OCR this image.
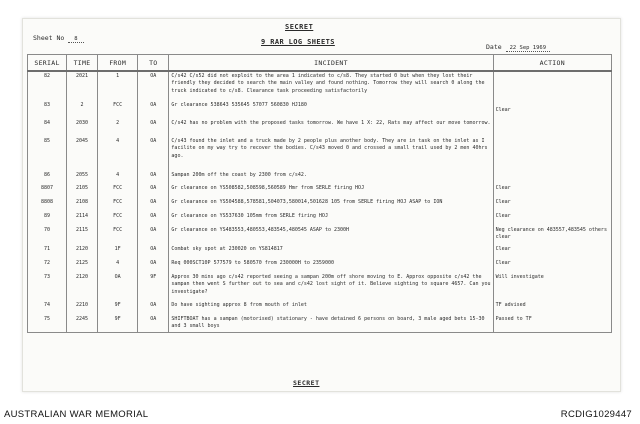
SECRET
Sheet No 8	9 RAR LOG SHEETS
Date 22 Sep 1969
SERIAL	TIME	FROM	TO	INCIDENT	ACTION
82	2021	1	OA	C/s42 C/s52 did not exploit to the area 1 indicated to c/s8. They started 0 but when they lost their friendly they decided to search the main valley and found nothing. Tomorrow they will search 0 along the truck indicated to c/s8. Clearance task proceeding satisfactorily	
83	2	FCC	OA	Gr clearance 538643 535645 57077 560830 HJ180	Clear
84	2030	2	OA	C/s42 has no problem with the proposed tasks tomorrow. We have 1 X: 22, Rats may affect our move tomorrow.	
85	2045	4	OA	C/s43 found the inlet and a truck made by 2 people plus another body. They are in task on the inlet as I facilite on my way try to recover the bodies. C/s43 moved 0 and crossed a small trail used by 2 men 40hrs ago.	
86	2055	4	OA	Sampan 200m off the coast by 2300 from c/s42.	
8807	2105	FCC	OA	Gr clearance on YS508582,508598,560589 Hmr from SERLE firing HOJ	Clear
8808	2108	FCC	OA	Gr clearance on YS504588,578581,504073,580014,501628 105 from SERLE firing HOJ ASAP to ION	Clear
89	2114	FCC	OA	Gr clearance on YS537630 105mm from SERLE firing HOJ	Clear
70	2115	FCC	OA	Gr clearance on YS483553,480553,483545,480545 ASAP to 2300H	Neg clearance on 483557,483545 others clear
71	2120	1F	OA	Combat sky spot at 230020 on YS814817	Clear
72	2125	4	OA	Req 000SCT10P 577579 to 580570 from 230000H to 2359000	Clear
73	2120	OA	9F	Approx 30 mins ago c/s42 reported seeing a sampan 200m off shore moving to E. Approx opposite c/s42 the sampan then went S further out to sea and c/s42 lost sight of it. Believe sighting to square 4657. Can you investigate?	Will investigate
74	2210	9F	OA	Do have sighting approx 8 from mouth of inlet	TF advised
75	2245	9F	OA	SHIFTBOAT has a sampan (motorised) stationary - have detained 6 persons on board, 3 male aged bets 15-30 and 3 small boys	Passed to TF
SECRET
AUSTRALIAN WAR MEMORIAL	RCDIG1029447
